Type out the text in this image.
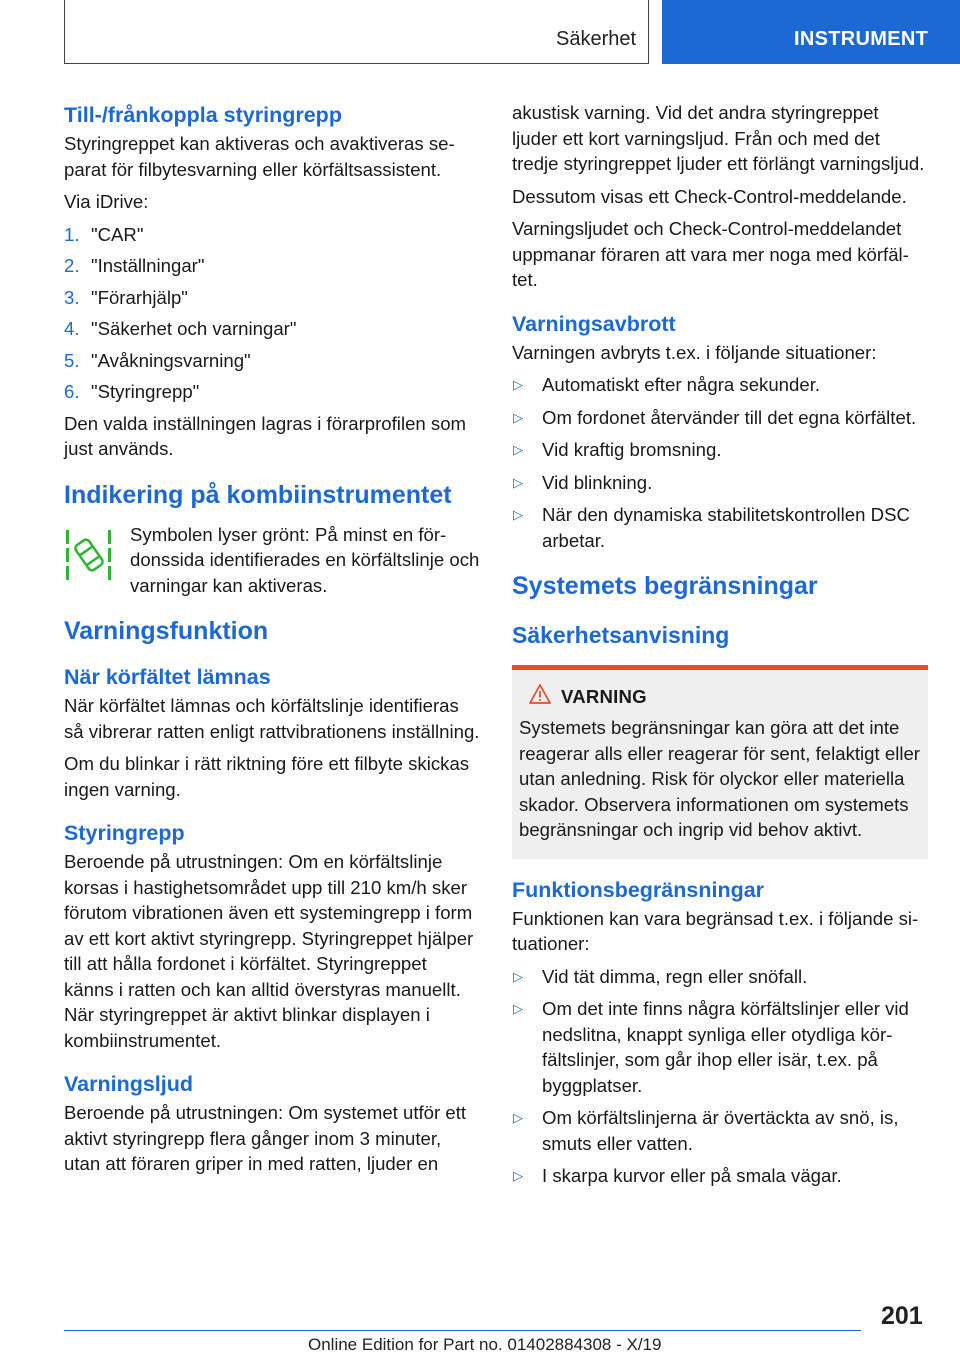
Säkerhet	INSTRUMENT
Till-/frånkoppla styringrepp

Styringreppet kan aktiveras och avaktiveras separat för filbytesvarning eller körfältsassistent.

Via iDrive:

1. "CAR"
2. "Inställningar"
3. "Förarhjälp"
4. "Säkerhet och varningar"
5. "Avåkningsvarning"
6. "Styringrepp"

Den valda inställningen lagras i förarprofilen som just används.

Indikering på kombiinstrumentet
Symbolen lyser grönt: På minst en fördonssida identifierades en körfältslinje och varningar kan aktiveras.
Varningsfunktion
När körfältet lämnas

När körfältet lämnas och körfältslinje identifieras så vibrerar ratten enligt rattvibrationens inställning.

Om du blinkar i rätt riktning före ett filbyte skickas ingen varning.

Styringrepp

Beroende på utrustningen: Om en körfältslinje korsas i hastighetsområdet upp till 210 km/h sker förutom vibrationen även ett systemingrepp i form av ett kort aktivt styringrepp. Styringreppet hjälper till att hålla fordonet i körfältet. Styringreppet känns i ratten och kan alltid överstyras manuellt. När styringreppet är aktivt blinkar displayen i kombiinstrumentet.

Varningsljud

Beroende på utrustningen: Om systemet utför ett aktivt styringrepp flera gånger inom 3 minuter, utan att föraren griper in med ratten, ljuder en

akustisk varning. Vid det andra styringreppet ljuder ett kort varningsljud. Från och med det tredje styringreppet ljuder ett förlängt varningsljud.

Dessutom visas ett Check-Control-meddelande.

Varningsljudet och Check-Control-meddelandet uppmanar föraren att vara mer noga med körfältet.

Varningsavbrott

Varningen avbryts t.ex. i följande situationer:

▷	Automatiskt efter några sekunder.
▷	Om fordonet återvänder till det egna körfältet.
▷	Vid kraftig bromsning.
▷	Vid blinkning.
▷	När den dynamiska stabilitetskontrollen DSC arbetar.
Systemets begränsningar
Säkerhetsanvisning
VARNING
Systemets begränsningar kan göra att det inte reagerar alls eller reagerar för sent, felaktigt eller utan anledning. Risk för olyckor eller materiella skador. Observera informationen om systemets begränsningar och ingrip vid behov aktivt.
Funktionsbegränsningar

Funktionen kan vara begränsad t.ex. i följande situationer:

▷	Vid tät dimma, regn eller snöfall.
▷	Om det inte finns några körfältslinjer eller vid nedslitna, knappt synliga eller otydliga körfältslinjer, som går ihop eller isär, t.ex. på byggplatser.
▷	Om körfältslinjerna är övertäckta av snö, is, smuts eller vatten.
▷	I skarpa kurvor eller på smala vägar.
201
Online Edition for Part no. 01402884308 - X/19
